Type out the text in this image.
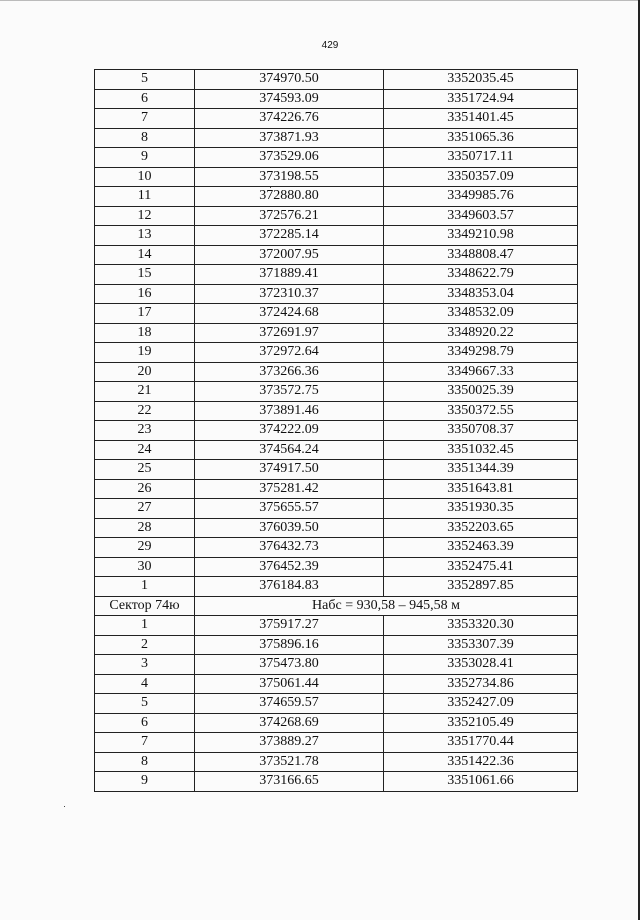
429
5	374970.50	3352035.45
6	374593.09	3351724.94
7	374226.76	3351401.45
8	373871.93	3351065.36
9	373529.06	3350717.11
10	373198.55	3350357.09
11	372880.80	3349985.76
12	372576.21	3349603.57
13	372285.14	3349210.98
14	372007.95	3348808.47
15	371889.41	3348622.79
16	372310.37	3348353.04
17	372424.68	3348532.09
18	372691.97	3348920.22
19	372972.64	3349298.79
20	373266.36	3349667.33
21	373572.75	3350025.39
22	373891.46	3350372.55
23	374222.09	3350708.37
24	374564.24	3351032.45
25	374917.50	3351344.39
26	375281.42	3351643.81
27	375655.57	3351930.35
28	376039.50	3352203.65
29	376432.73	3352463.39
30	376452.39	3352475.41
1	376184.83	3352897.85
Сектор 74ю	Набс = 930,58 – 945,58 м	
1	375917.27	3353320.30
2	375896.16	3353307.39
3	375473.80	3353028.41
4	375061.44	3352734.86
5	374659.57	3352427.09
6	374268.69	3352105.49
7	373889.27	3351770.44
8	373521.78	3351422.36
9	373166.65	3351061.66
